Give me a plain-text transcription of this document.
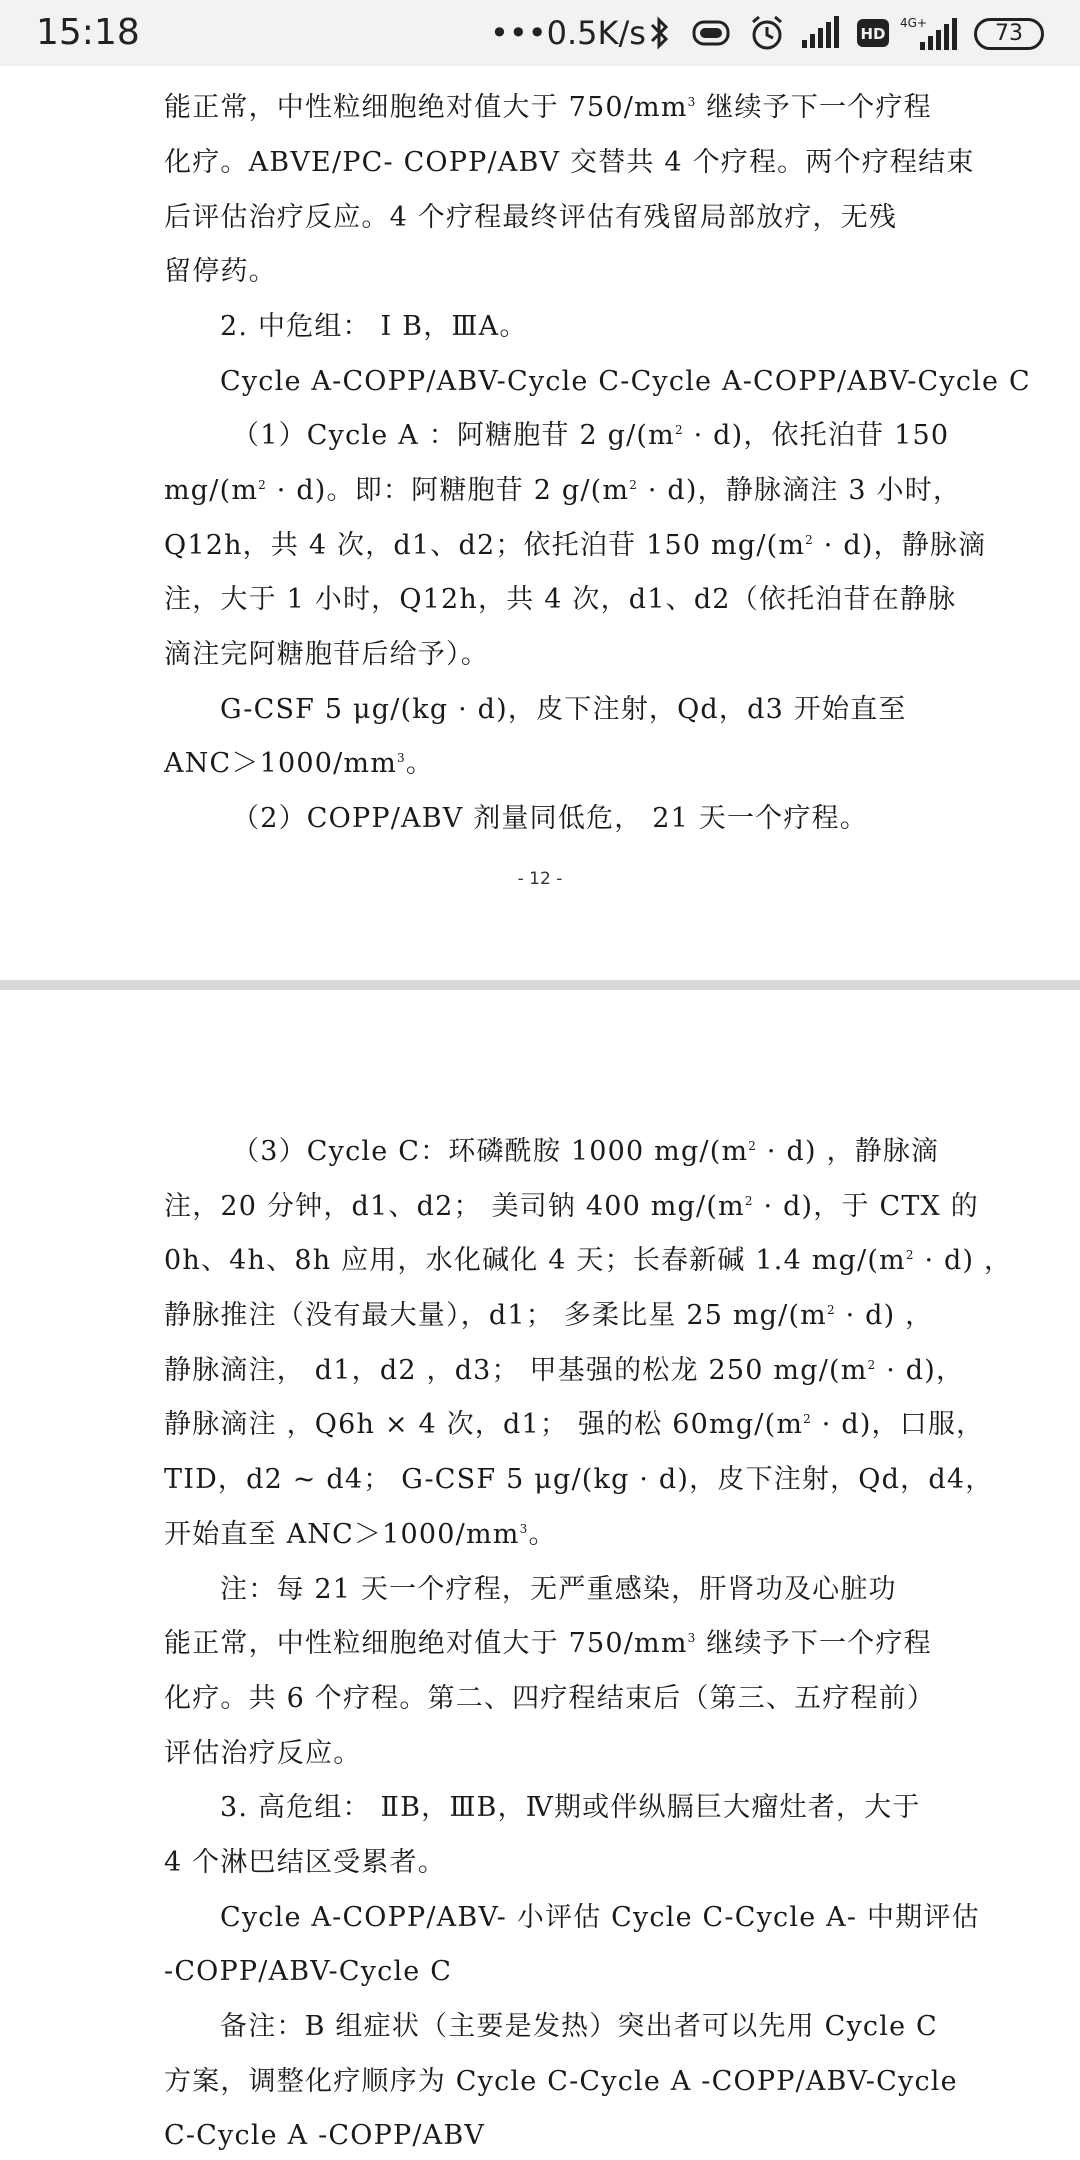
15:18	•••0.5K/s	HD
4G+	73
能正常，中性粒细胞绝对值大于 $750/mm^3$ 继续予下一个疗程
化疗。ABVE/PC- COPP/ABV 交替共 4 个疗程。两个疗程结束
后评估治疗反应。4 个疗程最终评估有残留局部放疗，无残
留停药。
2. 中危组： I B，ⅢA。
Cycle A-COPP/ABV-Cycle C-Cycle A-COPP/ABV-Cycle C
（1）Cycle A ：阿糖胞苷 2 $g/(m^2 \cdot d)$，依托泊苷 150
$mg/(m^2 \cdot d)$。即：阿糖胞苷 2 $g/(m^2 \cdot d)$，静脉滴注 3 小时，
Q12h，共 4 次，d1、d2；依托泊苷 150 $mg/(m^2 \cdot d)$，静脉滴
注，大于 1 小时，Q12h，共 4 次，d1、d2（依托泊苷在静脉
滴注完阿糖胞苷后给予）。
G-CSF 5 μg/(kg · d)，皮下注射，Qd，d3 开始直至
$ANC>1000/mm^3$。
（2）COPP/ABV 剂量同低危， 21 天一个疗程。
- 12 -
（3）Cycle C：环磷酰胺 1000 $mg/(m^2 \cdot d)$ ，静脉滴
注，20 分钟，d1、d2； 美司钠 400 $mg/(m^2 \cdot d)$，于 CTX 的
0h、4h、8h 应用，水化碱化 4 天；长春新碱 1.4 $mg/(m^2 \cdot d)$ ，
静脉推注（没有最大量），d1； 多柔比星 25 $mg/(m^2 \cdot d)$ ，
静脉滴注， d1，d2 ，d3； 甲基强的松龙 250 $mg/(m^2 \cdot d)$，
静脉滴注 ，Q6h × 4 次，d1； 强的松 $60mg/(m^2 \cdot d)$，口服，
TID，d2 ~ d4； G-CSF 5 μg/(kg · d)，皮下注射，Qd，d4，
开始直至 $ANC>1000/mm^3$。
注：每 21 天一个疗程，无严重感染，肝肾功及心脏功
能正常，中性粒细胞绝对值大于 $750/mm^3$ 继续予下一个疗程
化疗。共 6 个疗程。第二、四疗程结束后（第三、五疗程前）
评估治疗反应。
3. 高危组： ⅡB，ⅢB，Ⅳ期或伴纵膈巨大瘤灶者，大于
4 个淋巴结区受累者。
Cycle A-COPP/ABV- 小评估 Cycle C-Cycle A- 中期评估
-COPP/ABV-Cycle C
备注：B 组症状（主要是发热）突出者可以先用 Cycle C
方案，调整化疗顺序为 Cycle C-Cycle A -COPP/ABV-Cycle
C-Cycle A -COPP/ABV
